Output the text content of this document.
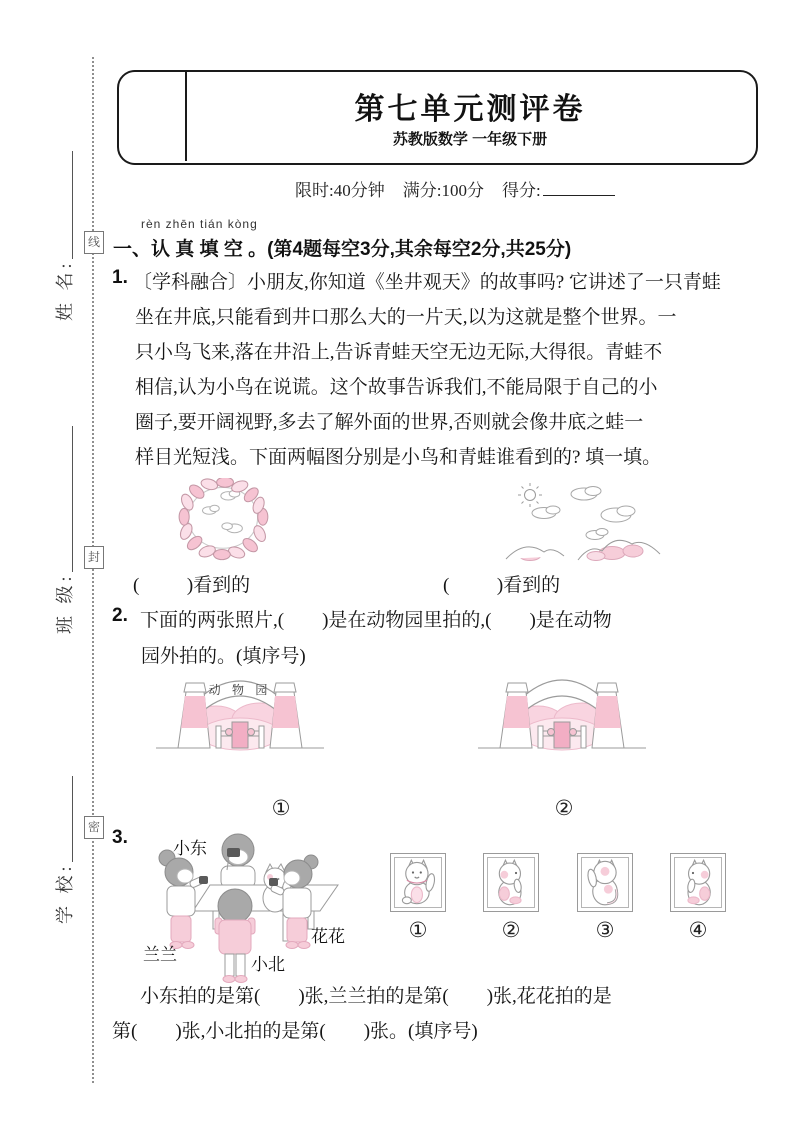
姓 名:
班 级:
学 校:
线
封
密
第七单元测评卷
苏教版数学 一年级下册
限时:40分钟 满分:100分 得分:
rèn zhēn tián kòng
一、认 真 填 空 。(第4题每空3分,其余每空2分,共25分)
1. 〔学科融合〕小朋友,你知道《坐井观天》的故事吗? 它讲述了一只青蛙
坐在井底,只能看到井口那么大的一片天,以为这就是整个世界。一
只小鸟飞来,落在井沿上,告诉青蛙天空无边无际,大得很。青蛙不
相信,认为小鸟在说谎。这个故事告诉我们,不能局限于自己的小
圈子,要开阔视野,多去了解外面的世界,否则就会像井底之蛙一
样目光短浅。下面两幅图分别是小鸟和青蛙谁看到的? 填一填。
(          )看到的	(          )看到的
2. 下面的两张照片,(        )是在动物园里拍的,(        )是在动物
园外拍的。(填序号)
动 物 园
①	②
3.
小东
兰兰
花花
小北
①	②	③	④
小东拍的是第(        )张,兰兰拍的是第(        )张,花花拍的是
第(        )张,小北拍的是第(        )张。(填序号)
